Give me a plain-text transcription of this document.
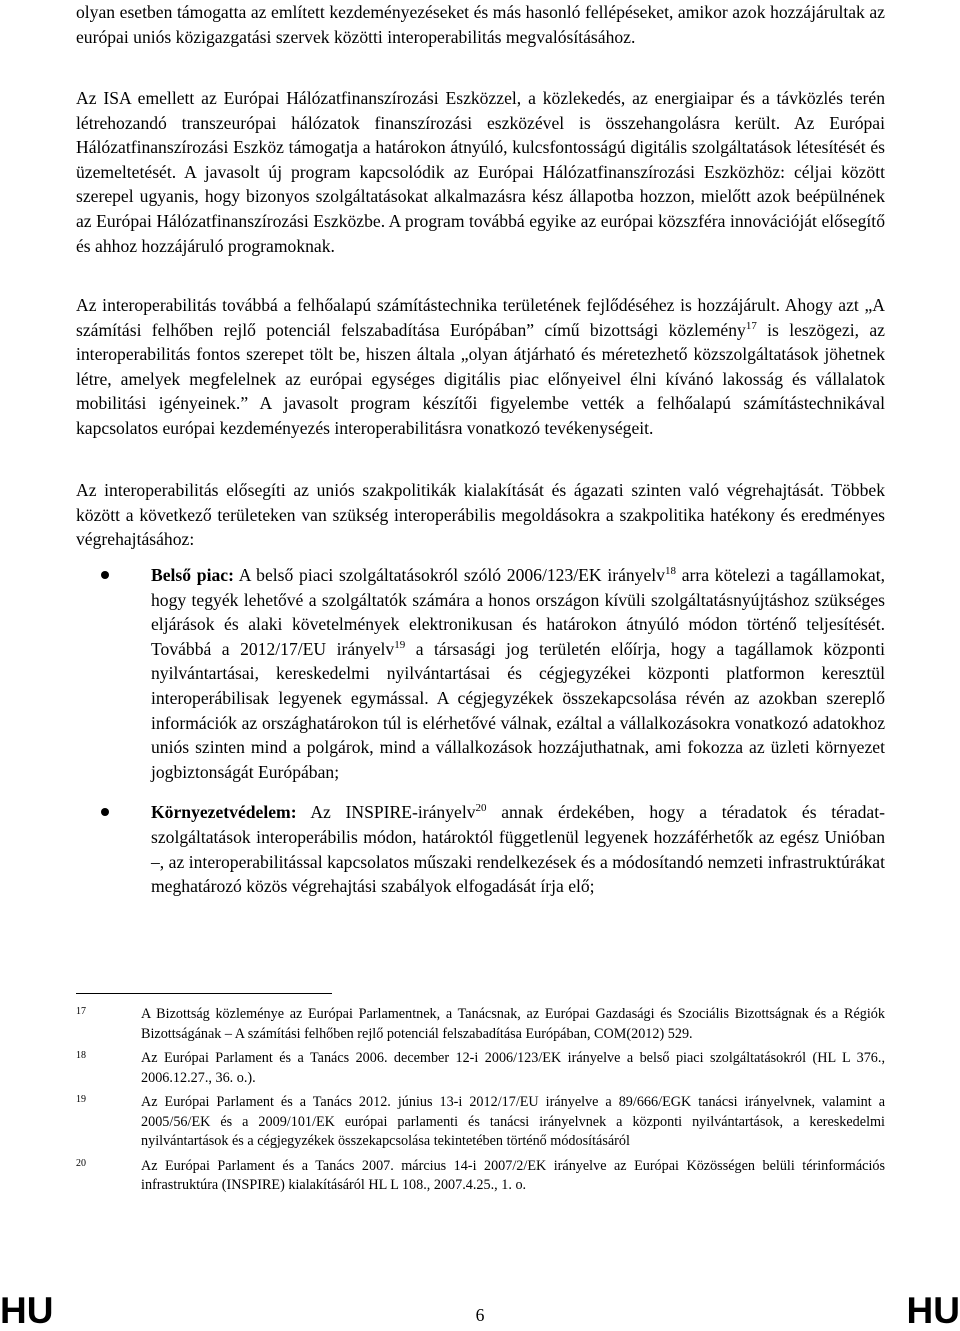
olyan esetben támogatta az említett kezdeményezéseket és más hasonló fellépéseket, amikor azok hozzájárultak az európai uniós közigazgatási szervek közötti interoperabilitás megvalósításához.

Az ISA emellett az Európai Hálózatfinanszírozási Eszközzel, a közlekedés, az energiaipar és a távközlés terén létrehozandó transzeurópai hálózatok finanszírozási eszközével is összehangolásra került. Az Európai Hálózatfinanszírozási Eszköz támogatja a határokon átnyúló, kulcsfontosságú digitális szolgáltatások létesítését és üzemeltetését. A javasolt új program kapcsolódik az Európai Hálózatfinanszírozási Eszközhöz: céljai között szerepel ugyanis, hogy bizonyos szolgáltatásokat alkalmazásra kész állapotba hozzon, mielőtt azok beépülnének az Európai Hálózatfinanszírozási Eszközbe. A program továbbá egyike az európai közszféra innovációját elősegítő és ahhoz hozzájáruló programoknak.

Az interoperabilitás továbbá a felhőalapú számítástechnika területének fejlődéséhez is hozzájárult. Ahogy azt „A számítási felhőben rejlő potenciál felszabadítása Európában” című bizottsági közlemény$^{17}$ is leszögezi, az interoperabilitás fontos szerepet tölt be, hiszen általa „olyan átjárható és méretezhető közszolgáltatások jöhetnek létre, amelyek megfelelnek az európai egységes digitális piac előnyeivel élni kívánó lakosság és vállalatok mobilitási igényeinek.” A javasolt program készítői figyelembe vették a felhőalapú számítástechnikával kapcsolatos európai kezdeményezés interoperabilitásra vonatkozó tevékenységeit.

Az interoperabilitás elősegíti az uniós szakpolitikák kialakítását és ágazati szinten való végrehajtását. Többek között a következő területeken van szükség interoperábilis megoldásokra a szakpolitika hatékony és eredményes végrehajtásához:

Belső piac: A belső piaci szolgáltatásokról szóló 2006/123/EK irányelv$^{18}$ arra kötelezi a tagállamokat, hogy tegyék lehetővé a szolgáltatók számára a honos országon kívüli szolgáltatásnyújtáshoz szükséges eljárások és alaki követelmények elektronikusan és határokon átnyúló módon történő teljesítését. Továbbá a 2012/17/EU irányelv$^{19}$ a társasági jog területén előírja, hogy a tagállamok központi nyilvántartásai, kereskedelmi nyilvántartásai és cégjegyzékei központi platformon keresztül interoperábilisak legyenek egymással. A cégjegyzékek összekapcsolása révén az azokban szereplő információk az országhatárokon túl is elérhetővé válnak, ezáltal a vállalkozásokra vonatkozó adatokhoz uniós szinten mind a polgárok, mind a vállalkozások hozzájuthatnak, ami fokozza az üzleti környezet jogbiztonságát Európában;
Környezetvédelem: Az INSPIRE-irányelv$^{20}$ annak érdekében, hogy a téradatok és téradat-szolgáltatások interoperábilis módon, határoktól függetlenül legyenek hozzáférhetők az egész Unióban –, az interoperabilitással kapcsolatos műszaki rendelkezések és a módosítandó nemzeti infrastruktúrákat meghatározó közös végrehajtási szabályok elfogadását írja elő;
17	A Bizottság közleménye az Európai Parlamentnek, a Tanácsnak, az Európai Gazdasági és Szociális Bizottságnak és a Régiók Bizottságának – A számítási felhőben rejlő potenciál felszabadítása Európában, COM(2012) 529.
18	Az Európai Parlament és a Tanács 2006. december 12-i 2006/123/EK irányelve a belső piaci szolgáltatásokról (HL L 376., 2006.12.27., 36. o.).
19	Az Európai Parlament és a Tanács 2012. június 13-i 2012/17/EU irányelve a 89/666/EGK tanácsi irányelvnek, valamint a 2005/56/EK és a 2009/101/EK európai parlamenti és tanácsi irányelvnek a központi nyilvántartások, a kereskedelmi nyilvántartások és a cégjegyzékek összekapcsolása tekintetében történő módosításáról
20	Az Európai Parlament és a Tanács 2007. március 14-i 2007/2/EK irányelve az Európai Közösségen belüli térinformációs infrastruktúra (INSPIRE) kialakításáról HL L 108., 2007.4.25., 1. o.
HU	6	HU
